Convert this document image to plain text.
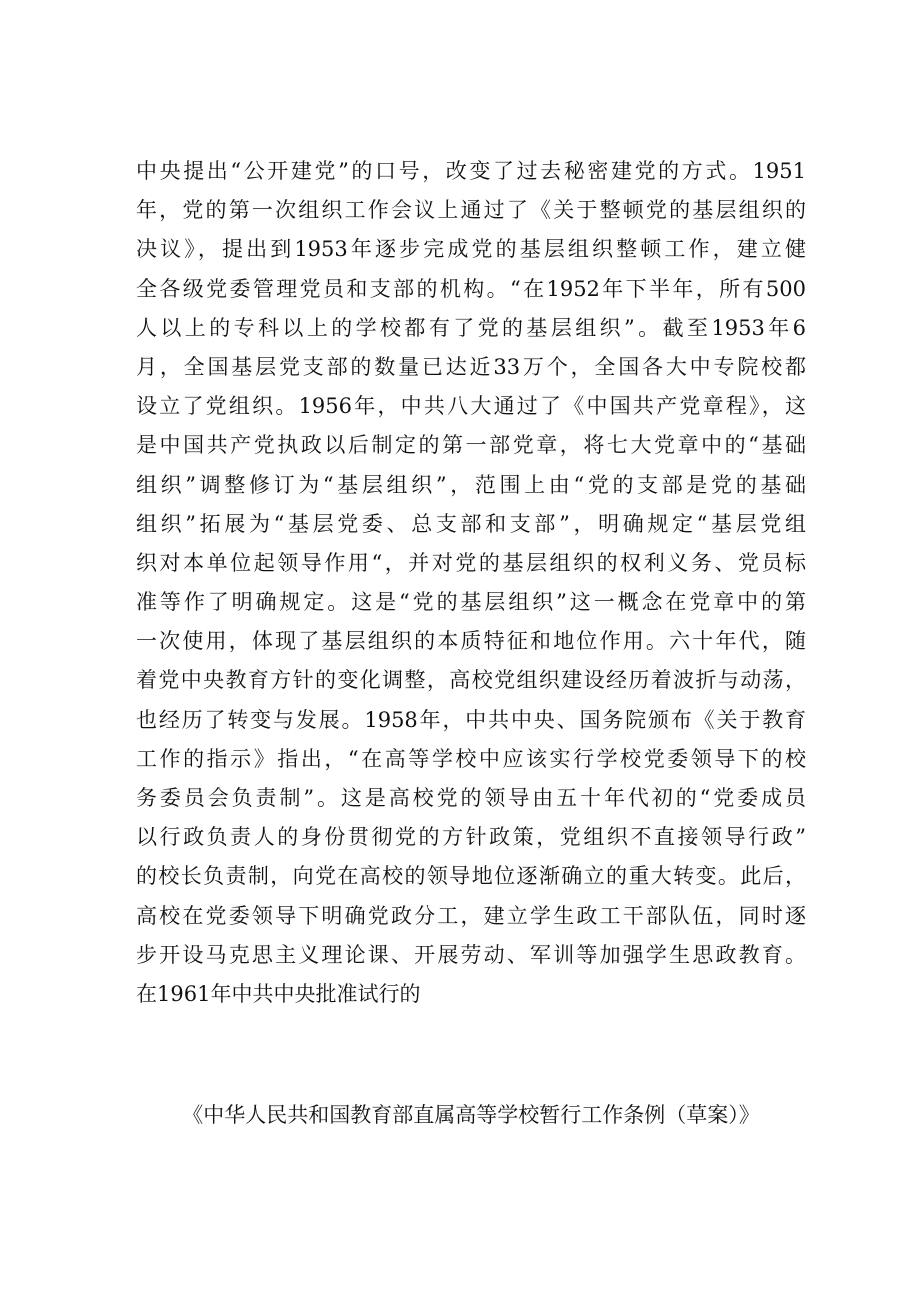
中央提出“公开建党”的口号，改变了过去秘密建党的方式。1951
年，党的第一次组织工作会议上通过了《关于整顿党的基层组织的
决议》，提出到1953年逐步完成党的基层组织整顿工作，建立健
全各级党委管理党员和支部的机构。“在1952年下半年，所有500
人以上的专科以上的学校都有了党的基层组织”。截至1953年6
月，全国基层党支部的数量已达近33万个，全国各大中专院校都
设立了党组织。1956年，中共八大通过了《中国共产党章程》，这
是中国共产党执政以后制定的第一部党章，将七大党章中的“基础
组织”调整修订为“基层组织”，范围上由“党的支部是党的基础
组织”拓展为“基层党委、总支部和支部”，明确规定“基层党组
织对本单位起领导作用“，并对党的基层组织的权利义务、党员标
准等作了明确规定。这是“党的基层组织”这一概念在党章中的第
一次使用，体现了基层组织的本质特征和地位作用。六十年代，随
着党中央教育方针的变化调整，高校党组织建设经历着波折与动荡，
也经历了转变与发展。1958年，中共中央、国务院颁布《关于教育
工作的指示》指出，“在高等学校中应该实行学校党委领导下的校
务委员会负责制”。这是高校党的领导由五十年代初的“党委成员
以行政负责人的身份贯彻党的方针政策，党组织不直接领导行政”
的校长负责制，向党在高校的领导地位逐渐确立的重大转变。此后，
高校在党委领导下明确党政分工，建立学生政工干部队伍，同时逐
步开设马克思主义理论课、开展劳动、军训等加强学生思政教育。
在1961年中共中央批准试行的
《中华人民共和国教育部直属高等学校暂行工作条例（草案）》
